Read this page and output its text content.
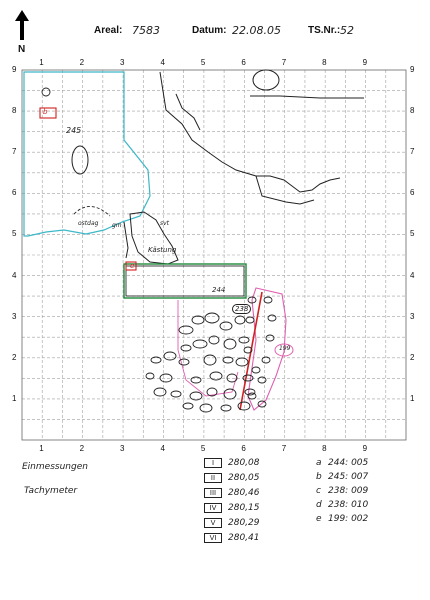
N
Areal: 7583	Datum: 22.08.05	TS.Nr.: 52
1
1
2
2
3
3
4
4
5
5
6
6
7
7
8
8
9
9
1	1
2	2
3	3
4	4
5	5
6	6
7	7
8	8
9	9
245
ostdag gm	svt
Kästung
244
238
199
b
e
Einmessungen
Tachymeter
I 280,08
II 280,05
III 280,46
IV 280,15
V 280,29
VI 280,41
a 244: 005
b 245: 007
c 238: 009
d 238: 010
e 199: 002
